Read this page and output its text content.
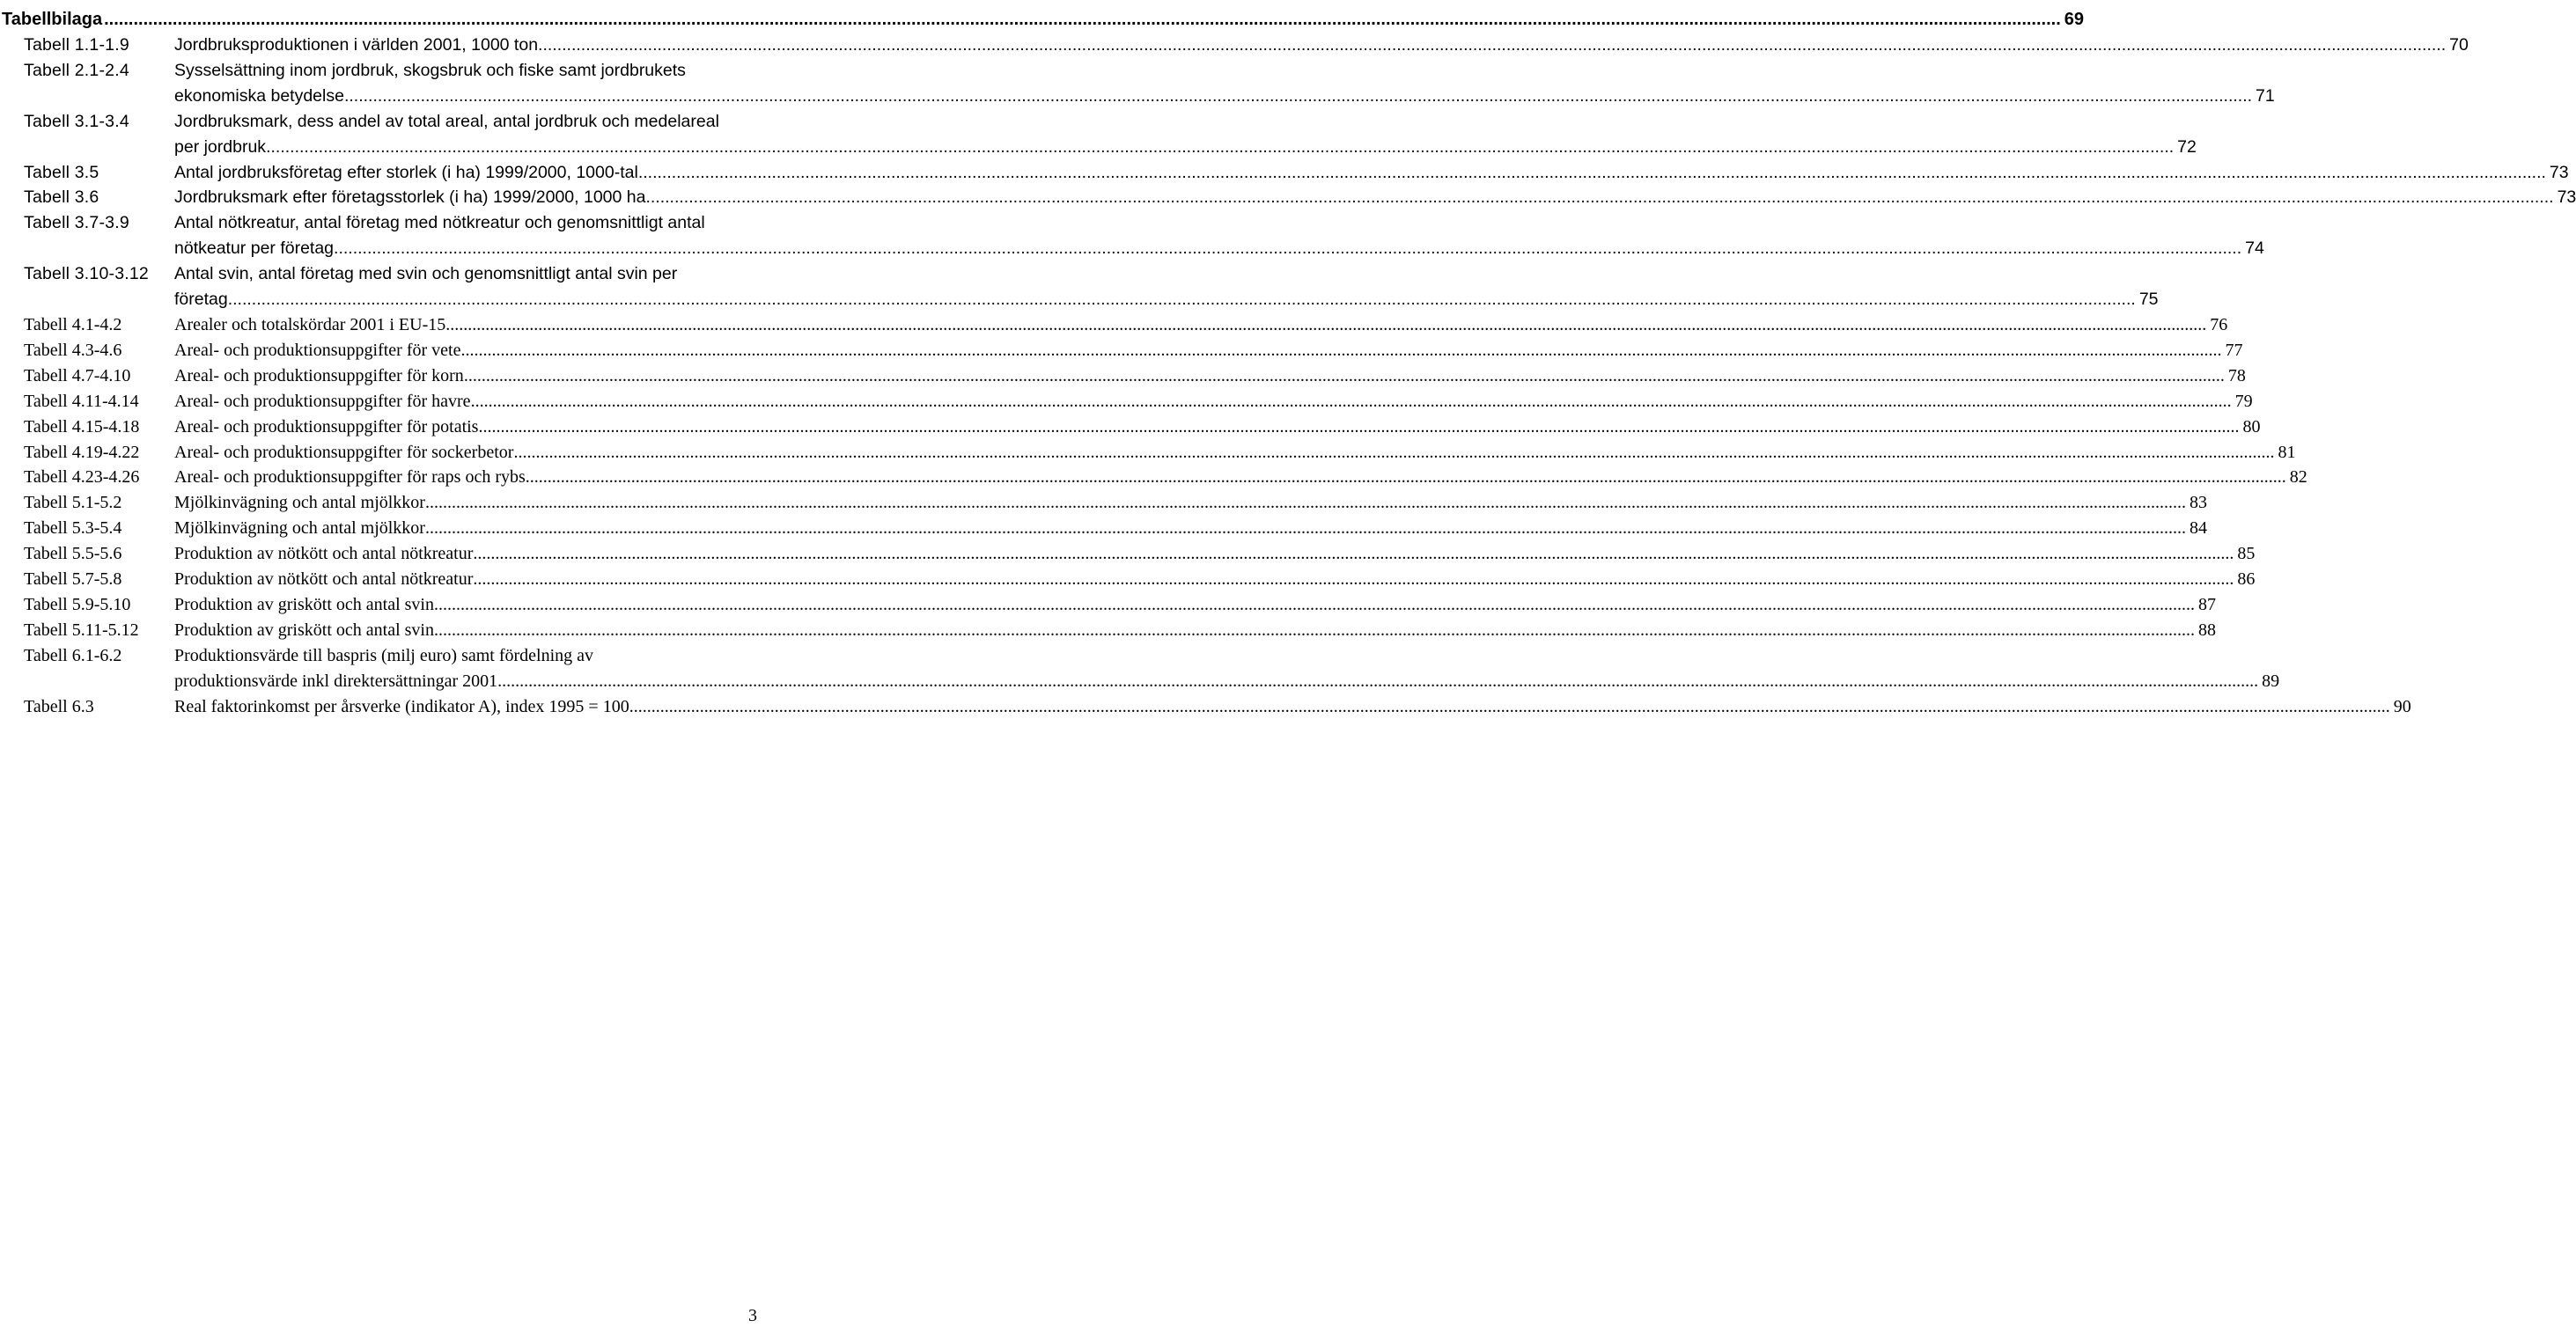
Tabellbilaga ................................................................................................................................................................................................................................................................................................................................................................................................................ 69
Tabell 1.1-1.9	Jordbruksproduktionen i världen 2001, 1000 ton ................................................................................................................................................................................................................................................................................................................................................................................................................ 70
Tabell 2.1-2.4	Sysselsättning inom jordbruk, skogsbruk och fiske samt jordbrukets
ekonomiska betydelse ................................................................................................................................................................................................................................................................................................................................................................................................................ 71
Tabell 3.1-3.4	Jordbruksmark, dess andel av total areal, antal jordbruk och medelareal
per jordbruk ................................................................................................................................................................................................................................................................................................................................................................................................................ 72
Tabell 3.5	Antal jordbruksföretag efter storlek (i ha) 1999/2000, 1000-tal ................................................................................................................................................................................................................................................................................................................................................................................................................ 73
Tabell 3.6	Jordbruksmark efter företagsstorlek (i ha) 1999/2000, 1000 ha ................................................................................................................................................................................................................................................................................................................................................................................................................ 73
Tabell 3.7-3.9	Antal nötkreatur, antal företag med nötkreatur och genomsnittligt antal
nötkeatur per företag ................................................................................................................................................................................................................................................................................................................................................................................................................ 74
Tabell 3.10-3.12	Antal svin, antal företag med svin och genomsnittligt antal svin per
företag ................................................................................................................................................................................................................................................................................................................................................................................................................ 75
Tabell 4.1-4.2	Arealer och totalskördar 2001 i EU-15 ................................................................................................................................................................................................................................................................................................................................................................................................................ 76
Tabell 4.3-4.6	Areal- och produktionsuppgifter för vete ................................................................................................................................................................................................................................................................................................................................................................................................................ 77
Tabell 4.7-4.10	Areal- och produktionsuppgifter för korn ................................................................................................................................................................................................................................................................................................................................................................................................................ 78
Tabell 4.11-4.14	Areal- och produktionsuppgifter för havre ................................................................................................................................................................................................................................................................................................................................................................................................................ 79
Tabell 4.15-4.18	Areal- och produktionsuppgifter för potatis ................................................................................................................................................................................................................................................................................................................................................................................................................ 80
Tabell 4.19-4.22	Areal- och produktionsuppgifter för sockerbetor ................................................................................................................................................................................................................................................................................................................................................................................................................ 81
Tabell 4.23-4.26	Areal- och produktionsuppgifter för raps och rybs ................................................................................................................................................................................................................................................................................................................................................................................................................ 82
Tabell 5.1-5.2	Mjölkinvägning och antal mjölkkor ................................................................................................................................................................................................................................................................................................................................................................................................................ 83
Tabell 5.3-5.4	Mjölkinvägning och antal mjölkkor ................................................................................................................................................................................................................................................................................................................................................................................................................ 84
Tabell 5.5-5.6	Produktion av nötkött och antal nötkreatur ................................................................................................................................................................................................................................................................................................................................................................................................................ 85
Tabell 5.7-5.8	Produktion av nötkött och antal nötkreatur ................................................................................................................................................................................................................................................................................................................................................................................................................ 86
Tabell 5.9-5.10	Produktion av griskött och antal svin ................................................................................................................................................................................................................................................................................................................................................................................................................ 87
Tabell 5.11-5.12	Produktion av griskött och antal svin ................................................................................................................................................................................................................................................................................................................................................................................................................ 88
Tabell 6.1-6.2	Produktionsvärde till baspris (milj euro) samt fördelning av
produktionsvärde inkl direktersättningar 2001 ................................................................................................................................................................................................................................................................................................................................................................................................................ 89
Tabell 6.3	Real faktorinkomst per årsverke (indikator A), index 1995 = 100 ................................................................................................................................................................................................................................................................................................................................................................................................................ 90
3
